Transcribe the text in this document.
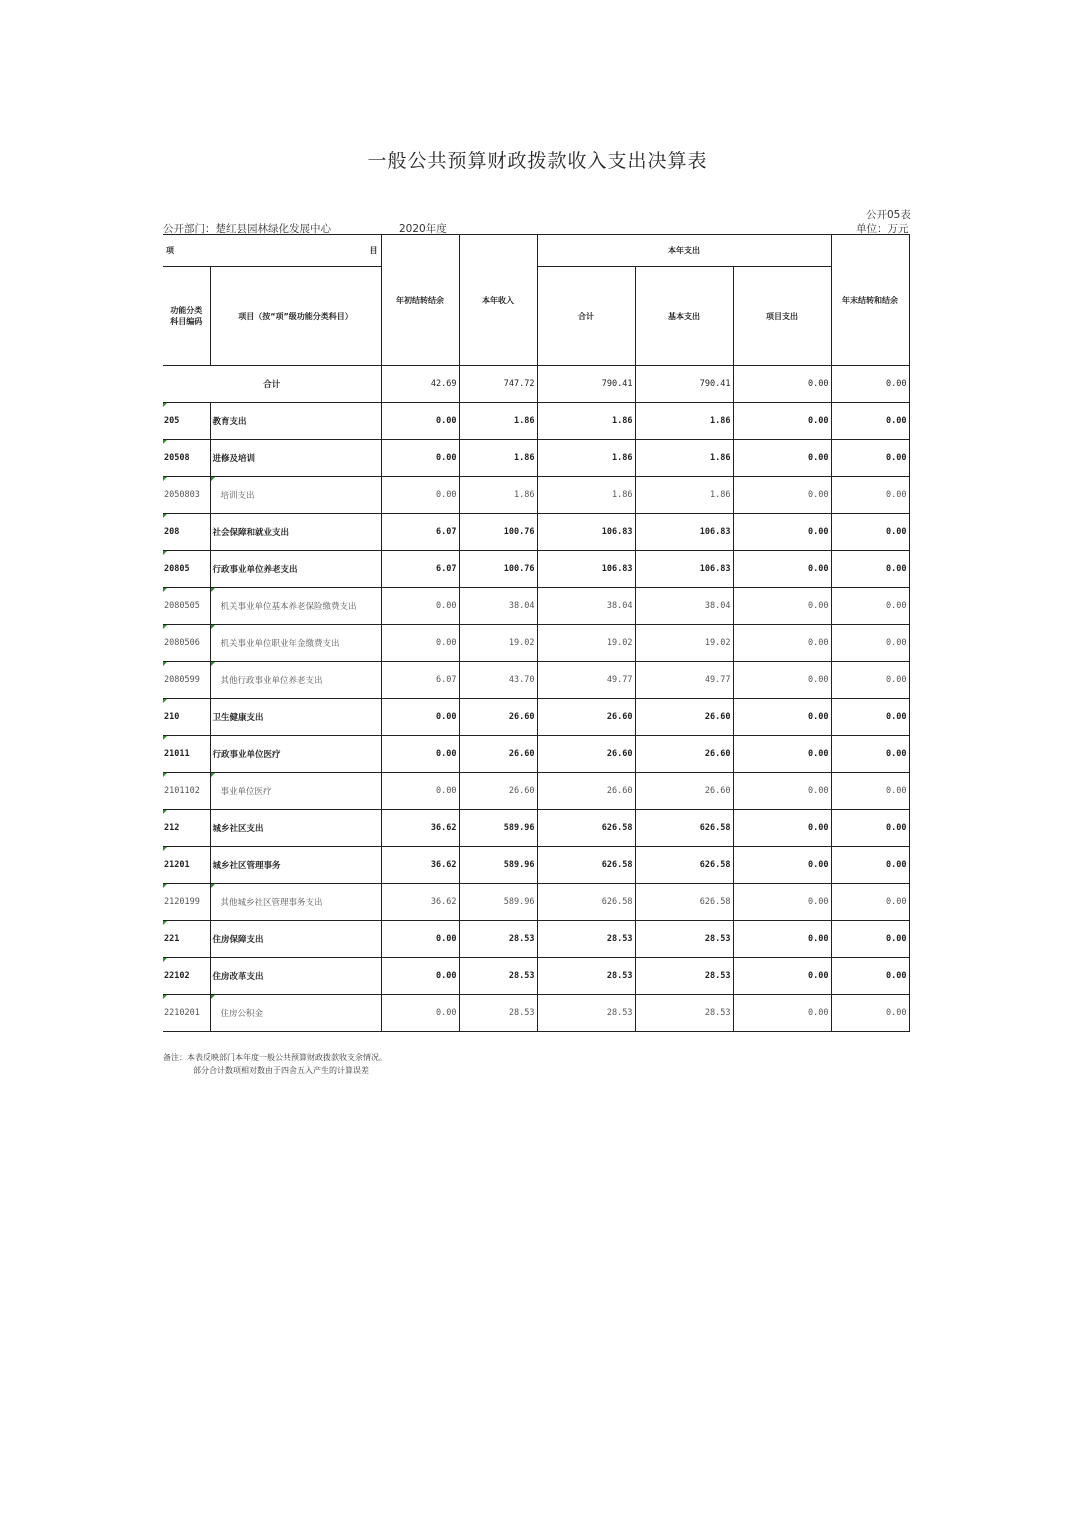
一般公共预算财政拨款收入支出决算表
公开05表
单位：万元
公开部门：楚红县园林绿化发展中心	2020年度
项 目		年初结转结余	本年收入	本年支出			年末结转和结余
功能分类科目编码	项目（按“项”级功能分类科目）			合计	基本支出	项目支出	
合计		42.69	747.72	790.41	790.41	0.00	0.00
205	教育支出	0.00	1.86	1.86	1.86	0.00	0.00
20508	进修及培训	0.00	1.86	1.86	1.86	0.00	0.00
2050803	培训支出	0.00	1.86	1.86	1.86	0.00	0.00
208	社会保障和就业支出	6.07	100.76	106.83	106.83	0.00	0.00
20805	行政事业单位养老支出	6.07	100.76	106.83	106.83	0.00	0.00
2080505	机关事业单位基本养老保险缴费支出	0.00	38.04	38.04	38.04	0.00	0.00
2080506	机关事业单位职业年金缴费支出	0.00	19.02	19.02	19.02	0.00	0.00
2080599	其他行政事业单位养老支出	6.07	43.70	49.77	49.77	0.00	0.00
210	卫生健康支出	0.00	26.60	26.60	26.60	0.00	0.00
21011	行政事业单位医疗	0.00	26.60	26.60	26.60	0.00	0.00
2101102	事业单位医疗	0.00	26.60	26.60	26.60	0.00	0.00
212	城乡社区支出	36.62	589.96	626.58	626.58	0.00	0.00
21201	城乡社区管理事务	36.62	589.96	626.58	626.58	0.00	0.00
2120199	其他城乡社区管理事务支出	36.62	589.96	626.58	626.58	0.00	0.00
221	住房保障支出	0.00	28.53	28.53	28.53	0.00	0.00
22102	住房改革支出	0.00	28.53	28.53	28.53	0.00	0.00
2210201	住房公积金	0.00	28.53	28.53	28.53	0.00	0.00
备注：本表反映部门本年度一般公共预算财政拨款收支余情况。
部分合计数项相对数由于四舍五入产生的计算误差
